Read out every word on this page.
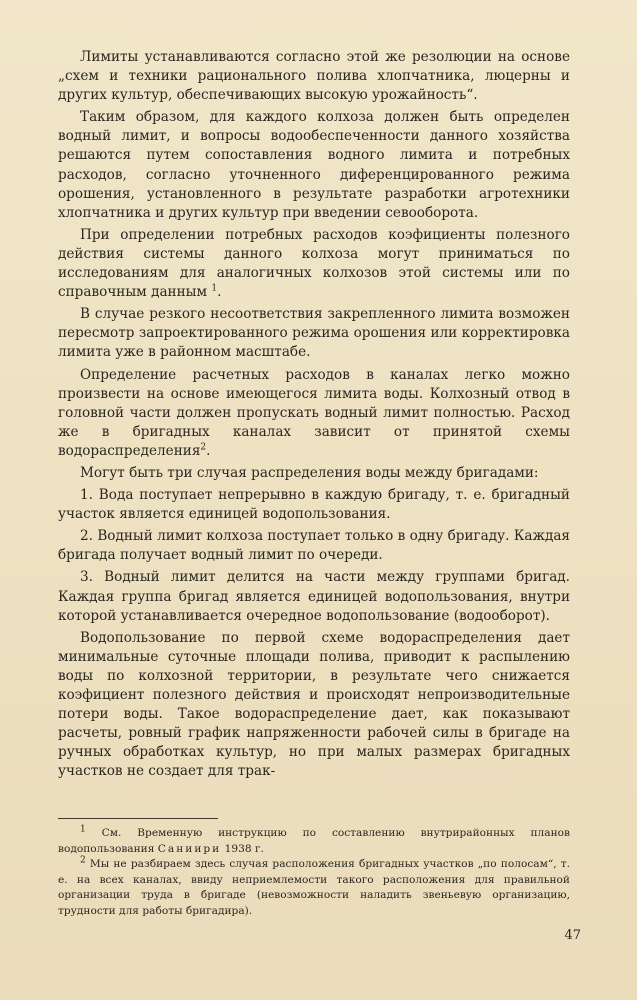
Лимиты устанавливаются согласно этой же резолюции на основе „схем и техники рационального полива хлопчатника, люцерны и других культур, обеспечивающих высокую урожайность“.

Таким образом, для каждого колхоза должен быть определен водный лимит, и вопросы водообеспеченности данного хозяйства решаются путем сопоставления водного лимита и потребных расходов, согласно уточненного диференцированного режима орошения, установленного в результате разработки агротехники хлопчатника и других культур при введении севооборота.

При определении потребных расходов коэфициенты полезного действия системы данного колхоза могут приниматься по исследованиям для аналогичных колхозов этой системы или по справочным данным $^1$.

В случае резкого несоответствия закрепленного лимита возможен пересмотр запроектированного режима орошения или корректировка лимита уже в районном масштабе.

Определение расчетных расходов в каналах легко можно произвести на основе имеющегося лимита воды. Колхозный отвод в головной части должен пропускать водный лимит полностью. Расход же в бригадных каналах зависит от принятой схемы водораспределения$^2$.

Могут быть три случая распределения воды между бригадами:

1. Вода поступает непрерывно в каждую бригаду, т. е. бригадный участок является единицей водопользования.

2. Водный лимит колхоза поступает только в одну бригаду. Каждая бригада получает водный лимит по очереди.

3. Водный лимит делится на части между группами бригад. Каждая группа бригад является единицей водопользования, внутри которой устанавливается очередное водопользование (водооборот).

Водопользование по первой схеме водораспределения дает минимальные суточные площади полива, приводит к распылению воды по колхозной территории, в результате чего снижается коэфициент полезного действия и происходят непроизводительные потери воды. Такое водораспределение дает, как показывают расчеты, ровный график напряженности рабочей силы в бригаде на ручных обработках культур, но при малых размерах бригадных участков не создает для трак-

$^1$ См. Временную инструкцию по составлению внутрирайонных планов водопользования Саниири 1938 г.

$^2$ Мы не разбираем здесь случая расположения бригадных участков „по полосам“, т. е. на всех каналах, ввиду неприемлемости такого расположения для правильной организации труда в бригаде (невозможности наладить звеньевую организацию, трудности для работы бригадира).

47
